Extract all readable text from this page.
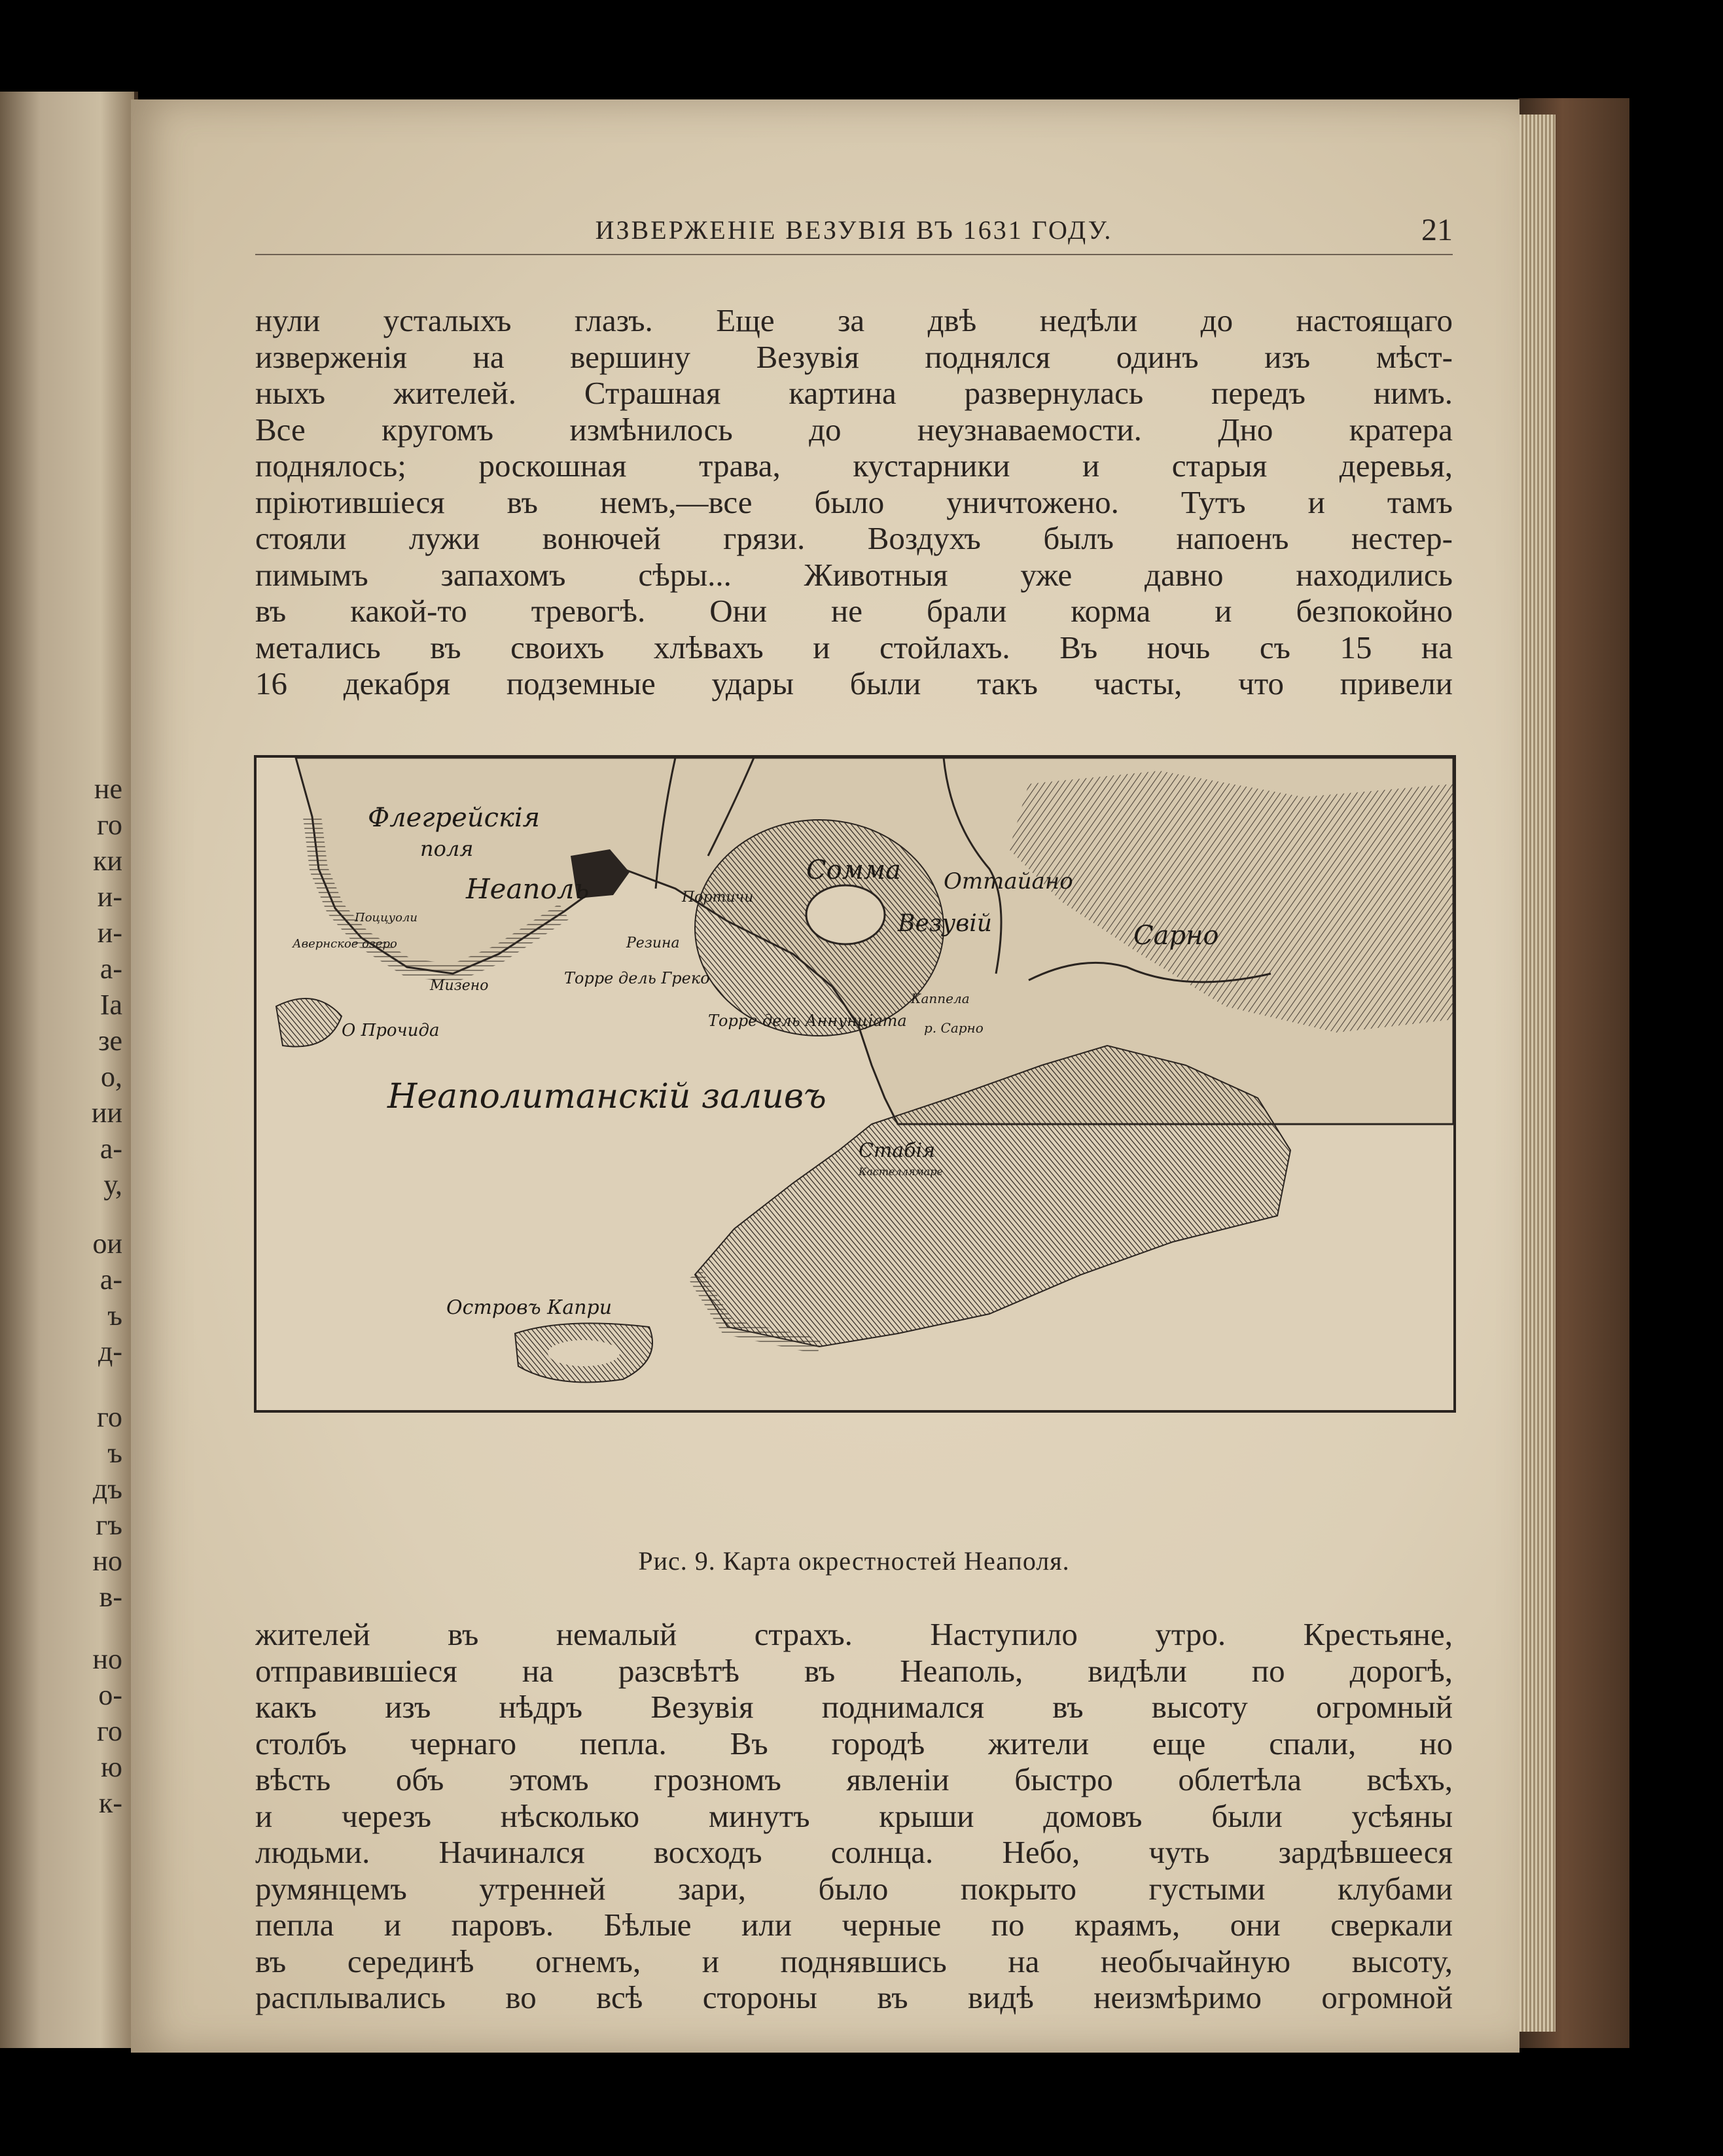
не
го
ки
и-
и-
а-
Іа
зе
о,
ии
а-
у,
ои
а-
ъ
д-
го
ъ
дъ
гъ
но
в-
но
о-
го
ю
к-
ИЗВЕРЖЕНІЕ ВЕЗУВІЯ ВЪ 1631 ГОДУ.	21
нули усталыхъ глазъ. Еще за двѣ недѣли до настоящаго
изверженія на вершину Везувія поднялся одинъ изъ мѣст-
ныхъ жителей. Страшная картина развернулась передъ нимъ.
Все кругомъ измѣнилось до неузнаваемости. Дно кратера
поднялось; роскошная трава, кустарники и старыя деревья,
пріютившіеся въ немъ,—все было уничтожено. Тутъ и тамъ
стояли лужи вонючей грязи. Воздухъ былъ напоенъ нестер-
пимымъ запахомъ сѣры... Животныя уже давно находились
въ какой-то тревогѣ. Они не брали корма и безпокойно
метались въ своихъ хлѣвахъ и стойлахъ. Въ ночь съ 15 на
16 декабря подземные удары были такъ часты, что привели
Флегрейскія
поля
Неаполь
Поццуоли
Авернское озеро
Мизено
О Прочида
Портичи
Резина
Торре дель Греко
Торре дель Аннунціата
Сомма
Везувій
Оттайано
Сарно
Каппела
р. Сарно
Неаполитанскій заливъ
Стабія
Кастеллямаре
Островъ Капри
Рис. 9. Карта окрестностей Неаполя.
жителей въ немалый страхъ. Наступило утро. Крестьяне,
отправившіеся на разсвѣтѣ въ Неаполь, видѣли по дорогѣ,
какъ изъ нѣдръ Везувія поднимался въ высоту огромный
столбъ чернаго пепла. Въ городѣ жители еще спали, но
вѣсть объ этомъ грозномъ явленіи быстро облетѣла всѣхъ,
и черезъ нѣсколько минутъ крыши домовъ были усѣяны
людьми. Начинался восходъ солнца. Небо, чуть зардѣвшееся
румянцемъ утренней зари, было покрыто густыми клубами
пепла и паровъ. Бѣлые или черные по краямъ, они сверкали
въ серединѣ огнемъ, и поднявшись на необычайную высоту,
расплывались во всѣ стороны въ видѣ неизмѣримо огромной
